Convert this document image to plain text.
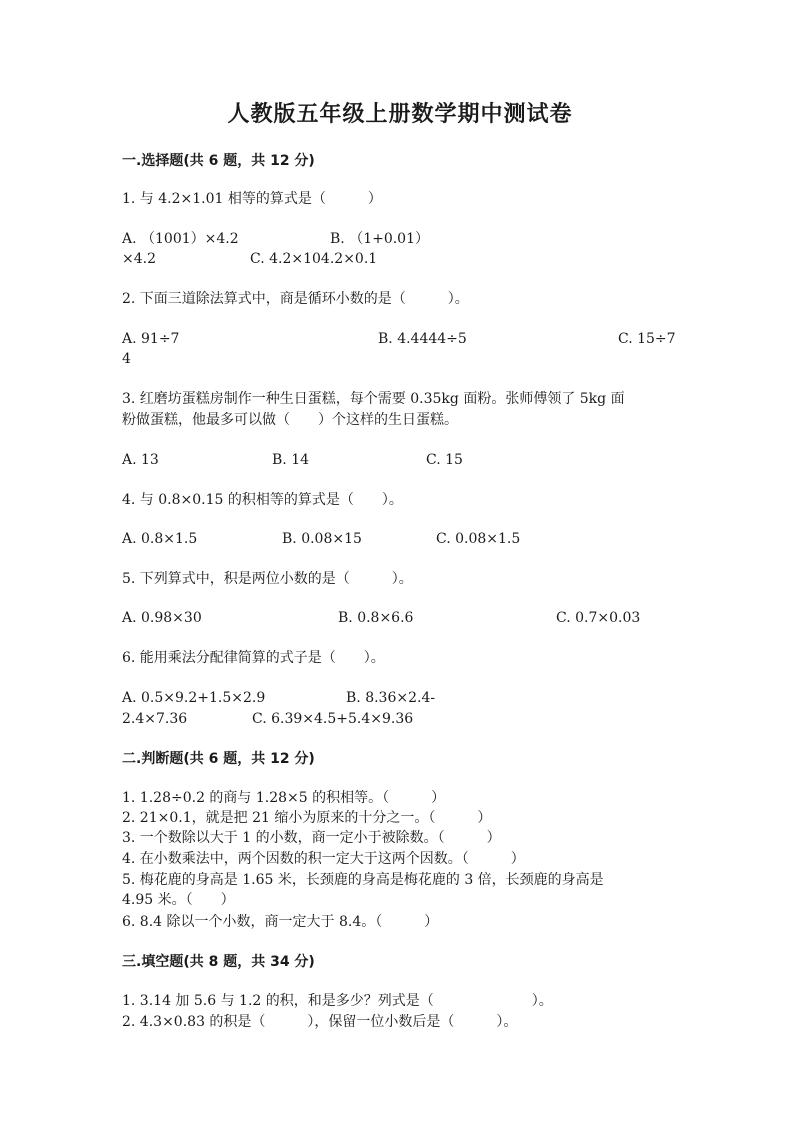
人教版五年级上册数学期中测试卷
一.选择题(共 6 题，共 12 分)
1. 与 4.2×1.01 相等的算式是（　　　）
A. （1001）×4.2	B. （1+0.01）
×4.2	C. 4.2×104.2×0.1
2. 下面三道除法算式中，商是循环小数的是（　　　）。
A. 91÷7	B. 4.4444÷5	C. 15÷7
4
3. 红磨坊蛋糕房制作一种生日蛋糕，每个需要 0.35kg 面粉。张师傅领了 5kg 面
粉做蛋糕，他最多可以做（　　）个这样的生日蛋糕。
A. 13	B. 14	C. 15
4. 与 0.8×0.15 的积相等的算式是（　　）。
A. 0.8×1.5	B. 0.08×15	C. 0.08×1.5
5. 下列算式中，积是两位小数的是（　　　）。
A. 0.98×30	B. 0.8×6.6	C. 0.7×0.03
6. 能用乘法分配律简算的式子是（　　）。
A. 0.5×9.2+1.5×2.9	B. 8.36×2.4-
2.4×7.36	C. 6.39×4.5+5.4×9.36
二.判断题(共 6 题，共 12 分)
1. 1.28÷0.2 的商与 1.28×5 的积相等。（　　　）
2. 21×0.1，就是把 21 缩小为原来的十分之一。（　　　）
3. 一个数除以大于 1 的小数，商一定小于被除数。（　　　）
4. 在小数乘法中，两个因数的积一定大于这两个因数。（　　　）
5. 梅花鹿的身高是 1.65 米，长颈鹿的身高是梅花鹿的 3 倍，长颈鹿的身高是
4.95 米。（　　）
6. 8.4 除以一个小数，商一定大于 8.4。（　　　）
三.填空题(共 8 题，共 34 分)
1. 3.14 加 5.6 与 1.2 的积，和是多少？列式是（　　　　　　　）。
2. 4.3×0.83 的积是（　　　），保留一位小数后是（　　　）。
